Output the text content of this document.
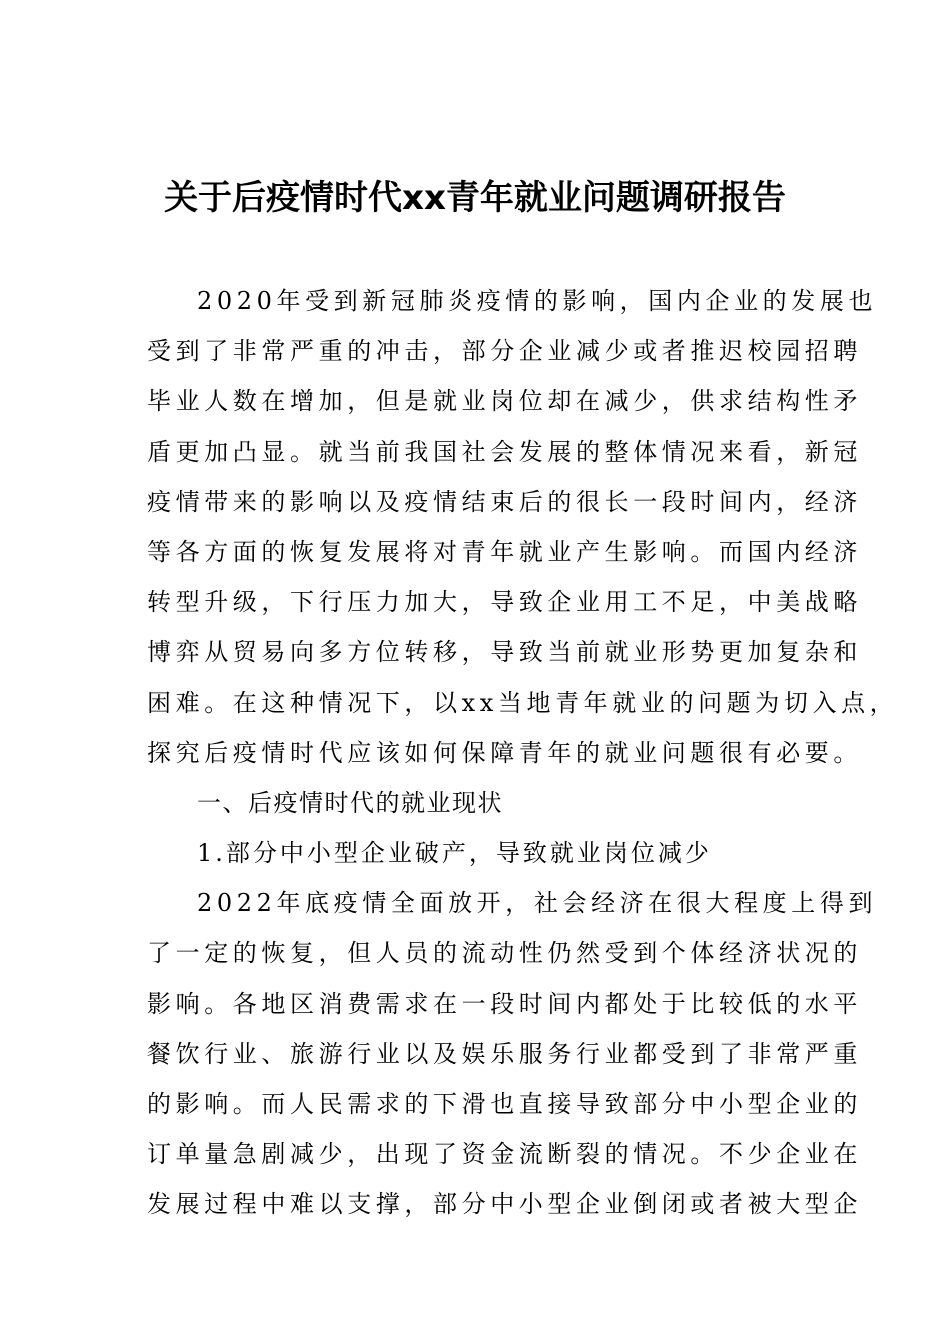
关于后疫情时代xx青年就业问题调研报告
2020年受到新冠肺炎疫情的影响，国内企业的发展也
受到了非常严重的冲击，部分企业减少或者推迟校园招聘
毕业人数在增加，但是就业岗位却在减少，供求结构性矛
盾更加凸显。就当前我国社会发展的整体情况来看，新冠
疫情带来的影响以及疫情结束后的很长一段时间内，经济
等各方面的恢复发展将对青年就业产生影响。而国内经济
转型升级，下行压力加大，导致企业用工不足，中美战略
博弈从贸易向多方位转移，导致当前就业形势更加复杂和
困难。在这种情况下，以xx当地青年就业的问题为切入点，
探究后疫情时代应该如何保障青年的就业问题很有必要。
一、后疫情时代的就业现状
1.部分中小型企业破产，导致就业岗位减少
2022年底疫情全面放开，社会经济在很大程度上得到
了一定的恢复，但人员的流动性仍然受到个体经济状况的
影响。各地区消费需求在一段时间内都处于比较低的水平
餐饮行业、旅游行业以及娱乐服务行业都受到了非常严重
的影响。而人民需求的下滑也直接导致部分中小型企业的
订单量急剧减少，出现了资金流断裂的情况。不少企业在
发展过程中难以支撑，部分中小型企业倒闭或者被大型企
